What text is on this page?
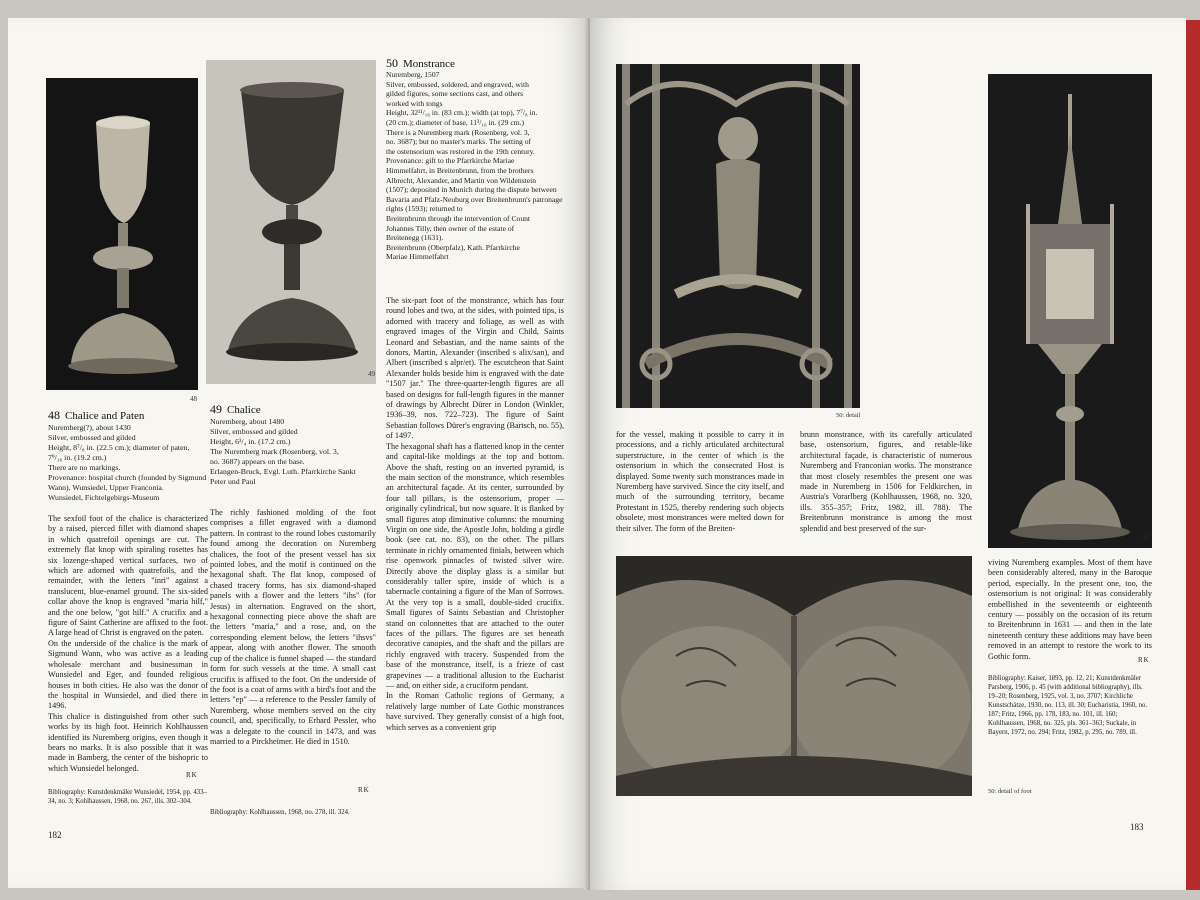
48
49
48 Chalice and Paten
Nuremberg(?), about 1430
Silver, embossed and gilded
Height, 8⁷/₈ in. (22.5 cm.); diameter of paten,
7⁹/₁₆ in. (19.2 cm.)
There are no markings.
Provenance: hospital church (founded by Sigmund
Wann), Wunsiedel, Upper Franconia.
Wunsiedel, Fichtelgebirgs-Museum
The sexfoil foot of the chalice is characterized by a raised, pierced fillet with diamond shapes in which quatrefoil openings are cut. The extremely flat knop with spiraling rosettes has six lozenge-shaped vertical surfaces, two of which are adorned with quatrefoils, and the remainder, with the letters "inri" against a translucent, blue-enamel ground. The six-sided collar above the knop is engraved "maria hilf," and the one below, "got hilf." A crucifix and a figure of Saint Catherine are affixed to the foot. A large head of Christ is engraved on the paten.
On the underside of the chalice is the mark of Sigmund Wann, who was active as a leading wholesale merchant and businessman in Wunsiedel and Eger, and founded religious houses in both cities. He also was the donor of the hospital in Wunsiedel, and died there in 1496.
This chalice is distinguished from other such works by its high foot. Heinrich Kohlhaussen identified its Nuremberg origins, even though it bears no marks. It is also possible that it was made in Bamberg, the center of the bishopric to which Wunsiedel belonged.
RK
Bibliography: Kunstdenkmäler Wunsiedel, 1954, pp. 433–34, no. 3; Kohlhaussen, 1968, no. 267, ills. 302–304.
49 Chalice
Nuremberg, about 1480
Silver, embossed and gilded
Height, 6³/₄ in. (17.2 cm.)
The Nuremberg mark (Rosenberg, vol. 3,
no. 3687) appears on the base.
Erlangen-Bruck, Evgl. Luth. Pfarrkirche Sankt
Peter und Paul
The richly fashioned molding of the foot comprises a fillet engraved with a diamond pattern. In contrast to the round lobes customarily found among the decoration on Nuremberg chalices, the foot of the present vessel has six pointed lobes, and the motif is continued on the hexagonal shaft. The flat knop, composed of chased tracery forms, has six diamond-shaped panels with a flower and the letters "ihs" (for Jesus) in alternation. Engraved on the short, hexagonal connecting piece above the shaft are the letters "maria," and a rose, and, on the corresponding element below, the letters "ihsvs" appear, along with another flower. The smooth cup of the chalice is funnel shaped — the standard form for such vessels at the time. A small cast crucifix is affixed to the foot. On the underside of the foot is a coat of arms with a bird's foot and the letters "ep" — a reference to the Pessler family of Nuremberg, whose members served on the city council, and, specifically, to Erhard Pessler, who was a delegate to the council in 1473, and was married to a Pirckheimer. He died in 1510.
RK
Bibliography: Kohlhaussen, 1968, no. 278, ill. 324.
50 Monstrance
Nuremberg, 1507
Silver, embossed, soldered, and engraved, with
gilded figures, some sections cast, and others
worked with tongs
Height, 32¹¹/₁₆ in. (83 cm.); width (at top), 7⁷/₈ in.
(20 cm.); diameter of base, 11³/₁₆ in. (29 cm.)
There is a Nuremberg mark (Rosenberg, vol. 3,
no. 3687); but no master's marks. The setting of
the ostensorium was restored in the 19th century.
Provenance: gift to the Pfarrkirche Mariae
Himmelfahrt, in Breitenbrunn, from the brothers
Albrecht, Alexander, and Martin von Wildenstein
(1507); deposited in Munich during the dispute between Bavaria and Pfalz-Neuburg over Breitenbrunn's patronage rights (1593); returned to
Breitenbrunn through the intervention of Count
Johannes Tilly, then owner of the estate of
Breitenegg (1631).
Breitenbrunn (Oberpfalz), Kath. Pfarrkirche
Mariae Himmelfahrt
The six-part foot of the monstrance, which has four round lobes and two, at the sides, with pointed tips, is adorned with tracery and foliage, as well as with engraved images of the Virgin and Child, Saints Leonard and Sebastian, and the name saints of the donors, Martin, Alexander (inscribed s alix/san), and Albert (inscribed s alpr/et). The escutcheon that Saint Alexander holds beside him is engraved with the date "1507 jar." The three-quarter-length figures are all based on designs for full-length figures in the manner of drawings by Albrecht Dürer in London (Winkler, 1936–39, nos. 722–723). The figure of Saint Sebastian follows Dürer's engraving (Bartsch, no. 55), of 1497.
The hexagonal shaft has a flattened knop in the center and capital-like moldings at the top and bottom. Above the shaft, resting on an inverted pyramid, is the main section of the monstrance, which resembles an architectural façade. At its center, surrounded by four tall pillars, is the ostensorium, proper — originally cylindrical, but now square. It is flanked by small figures atop diminutive columns: the mourning Virgin on one side, the Apostle John, holding a girdle book (see cat. no. 83), on the other. The pillars terminate in richly ornamented finials, between which rise openwork pinnacles of twisted silver wire. Directly above the display glass is a similar but considerably taller spire, inside of which is a tabernacle containing a figure of the Man of Sorrows. At the very top is a small, double-sided crucifix. Small figures of Saints Sebastian and Christopher stand on colonnettes that are attached to the outer faces of the pillars. The figures are set beneath decorative canopies, and the shaft and the pillars are richly engraved with tracery. Suspended from the base of the monstrance, itself, is a frieze of cast grapevines — a traditional allusion to the Eucharist — and, on either side, a cruciform pendant.
In the Roman Catholic regions of Germany, a relatively large number of Late Gothic monstrances have survived. They generally consist of a high foot, which serves as a convenient grip
182
50: detail
50
for the vessel, making it possible to carry it in processions, and a richly articulated architectural superstructure, in the center of which is the ostensorium in which the consecrated Host is displayed. Some twenty such monstrances made in Nuremberg have survived. Since the city itself, and much of the surrounding territory, became Protestant in 1525, thereby rendering such objects obsolete, most monstrances were melted down for their silver. The form of the Breiten-
brunn monstrance, with its carefully articulated base, ostensorium, figures, and retable-like architectural façade, is characteristic of numerous Nuremberg and Franconian works. The monstrance that most closely resembles the present one was made in Nuremberg in 1506 for Feldkirchen, in Austria's Vorarlberg (Kohlhaussen, 1968, no. 320, ills. 355–357; Fritz, 1982, ill. 788). The Breitenbrunn monstrance is among the most splendid and best preserved of the sur-
50: detail of foot
viving Nuremberg examples. Most of them have been considerably altered, many in the Baroque period, especially. In the present one, too, the ostensorium is not original: It was considerably embellished in the seventeenth or eighteenth century — possibly on the occasion of its return to Breitenbrunn in 1631 — and then in the late nineteenth century these additions may have been removed in an attempt to restore the work to its Gothic form.	RK
Bibliography: Kaiser, 1893, pp. 12, 21; Kunstdenkmäler Parsberg, 1906, p. 45 (with additional bibliography), ills. 19–20; Rosenberg, 1925, vol. 3, no. 3707; Kirchliche Kunstschätze, 1930, no. 113, ill. 30; Eucharistia, 1960, no. 187; Fritz, 1966, pp. 178, 183, no. 101, ill. 160; Kohlhaussen, 1968, no. 325, pls. 361–363; Suckale, in Bayern, 1972, no. 294; Fritz, 1982, p. 295, no. 789, ill.
183
